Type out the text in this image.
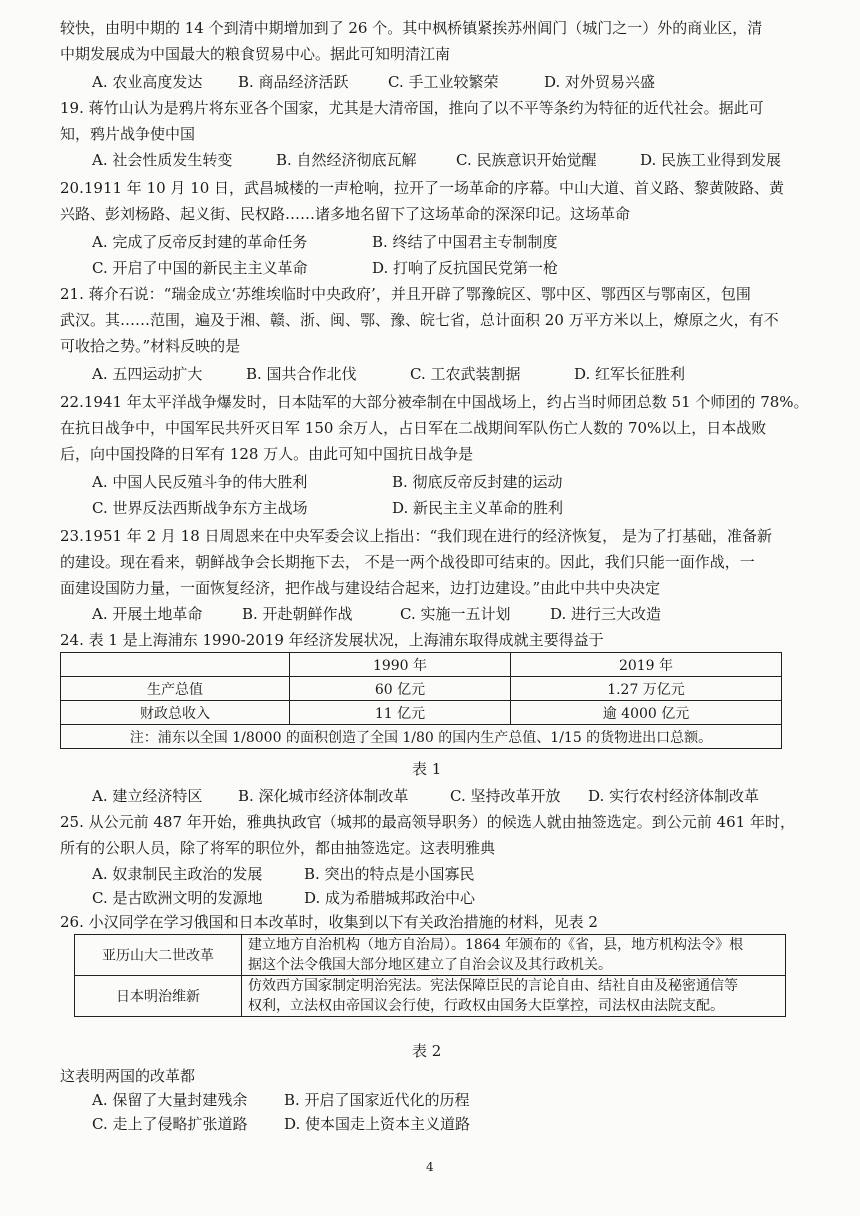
较快，由明中期的 14 个到清中期增加到了 26 个。其中枫桥镇紧挨苏州阊门（城门之一）外的商业区，清
中期发展成为中国最大的粮食贸易中心。据此可知明清江南
A. 农业高度发达 B. 商品经济活跃	C. 手工业较繁荣	D. 对外贸易兴盛
19. 蒋竹山认为是鸦片将东亚各个国家，尤其是大清帝国，推向了以不平等条约为特征的近代社会。据此可
知，鸦片战争使中国
A. 社会性质发生转变	B. 自然经济彻底瓦解	C. 民族意识开始觉醒	D. 民族工业得到发展
20.1911 年 10 月 10 日，武昌城楼的一声枪响，拉开了一场革命的序幕。中山大道、首义路、黎黄陂路、黄
兴路、彭刘杨路、起义街、民权路……诸多地名留下了这场革命的深深印记。这场革命
A. 完成了反帝反封建的革命任务	B. 终结了中国君主专制制度
C. 开启了中国的新民主主义革命	D. 打响了反抗国民党第一枪
21. 蒋介石说：“瑞金成立‘苏维埃临时中央政府’，并且开辟了鄂豫皖区、鄂中区、鄂西区与鄂南区，包围
武汉。其……范围，遍及于湘、赣、浙、闽、鄂、豫、皖七省，总计面积 20 万平方米以上，燎原之火，有不
可收拾之势。”材料反映的是
A. 五四运动扩大	B. 国共合作北伐	C. 工农武装割据	D. 红军长征胜利
22.1941 年太平洋战争爆发时，日本陆军的大部分被牵制在中国战场上，约占当时师团总数 51 个师团的 78%。
在抗日战争中，中国军民共歼灭日军 150 余万人，占日军在二战期间军队伤亡人数的 70%以上，日本战败
后，向中国投降的日军有 128 万人。由此可知中国抗日战争是
A. 中国人民反殖斗争的伟大胜利	B. 彻底反帝反封建的运动
C. 世界反法西斯战争东方主战场	D. 新民主主义革命的胜利
23.1951 年 2 月 18 日周恩来在中央军委会议上指出：“我们现在进行的经济恢复， 是为了打基础，准备新
的建设。现在看来，朝鲜战争会长期拖下去， 不是一两个战役即可结束的。因此，我们只能一面作战，一
面建设国防力量，一面恢复经济，把作战与建设结合起来，边打边建设。”由此中共中央决定
A. 开展土地革命	B. 开赴朝鲜作战	C. 实施一五计划	D. 进行三大改造
24. 表 1 是上海浦东 1990-2019 年经济发展状况，上海浦东取得成就主要得益于
	1990 年	2019 年
生产总值	60 亿元	1.27 万亿元
财政总收入	11 亿元	逾 4000 亿元
注：浦东以全国 1/8000 的面积创造了全国 1/80 的国内生产总值、1/15 的货物进出口总额。		
表 1
A. 建立经济特区 B. 深化城市经济体制改革	C. 坚持改革开放 D. 实行农村经济体制改革
25. 从公元前 487 年开始，雅典执政官（城邦的最高领导职务）的候选人就由抽签选定。到公元前 461 年时，
所有的公职人员，除了将军的职位外，都由抽签选定。这表明雅典
A. 奴隶制民主政治的发展	B. 突出的特点是小国寡民
C. 是古欧洲文明的发源地	D. 成为希腊城邦政治中心
26. 小汉同学在学习俄国和日本改革时，收集到以下有关政治措施的材料，见表 2
亚历山大二世改革	建立地方自治机构（地方自治局）。1864 年颁布的《省，县，地方机构法令》根
据这个法令俄国大部分地区建立了自治会议及其行政机关。

日本明治维新	仿效西方国家制定明治宪法。宪法保障臣民的言论自由、结社自由及秘密通信等
权利，立法权由帝国议会行使，行政权由国务大臣掌控，司法权由法院支配。
表 2
这表明两国的改革都
A. 保留了大量封建残余 B. 开启了国家近代化的历程
C. 走上了侵略扩张道路 D. 使本国走上资本主义道路
4
